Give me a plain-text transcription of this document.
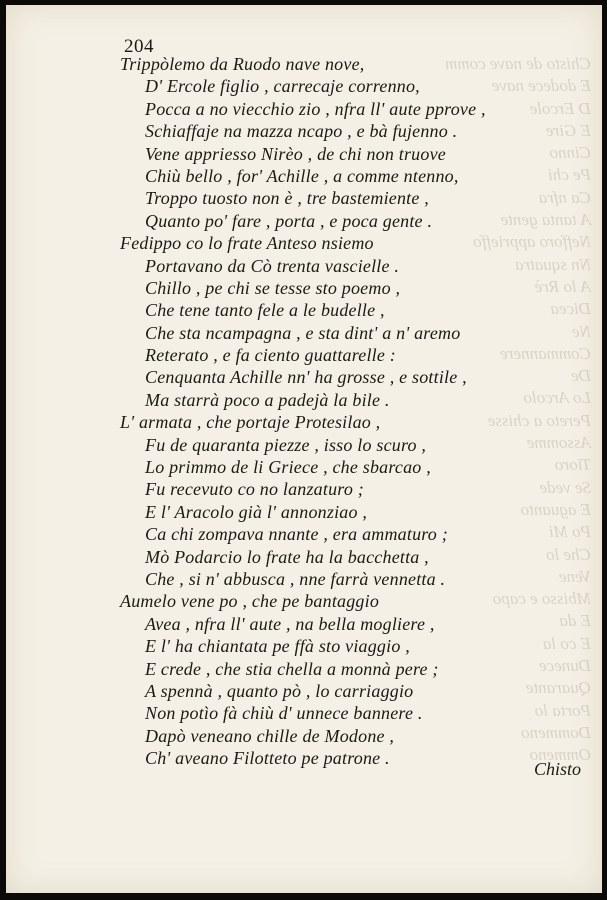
Chisto de nave comm
E dodece nave
D Ercole
E Gire
Cinno
Pe chi
Ca nfra
A tanta gente
Nefforo apprieffo
Nn squatra
A lo Rrè
Dicea
Ne
Commannere
De
Lo Arcolo
Pereto a chisse
Assomme
Tioro
Se vede
E aguanto
Po Mi
Che lo
Vene
Mbisso e capo
E da
E co la
Dunece
Quarante
Porta lo
Dommeno
Ommeno
204
Trippòlemo da Ruodo nave nove,
D' Ercole figlio , carrecaje correnno,
Pocca a no viecchio zio , nfra ll' aute pprove ,
Schiaffaje na mazza ncapo , e bà fujenno .
Vene appriesso Nirèo , de chi non truove
Chiù bello , for' Achille , a comme ntenno,
Troppo tuosto non è , tre bastemiente ,
Quanto po' fare , porta , e poca gente .
Fedippo co lo frate Anteso nsiemo
Portavano da Cò trenta vascielle .
Chillo , pe chi se tesse sto poemo ,
Che tene tanto fele a le budelle ,
Che sta ncampagna , e sta dint' a n' aremo
Reterato , e fa ciento guattarelle :
Cenquanta Achille nn' ha grosse , e sottile ,
Ma starrà poco a padejà la bile .
L' armata , che portaje Protesilao ,
Fu de quaranta piezze , isso lo scuro ,
Lo primmo de li Griece , che sbarcao ,
Fu recevuto co no lanzaturo ;
E l' Aracolo già l' annonziao ,
Ca chi zompava nnante , era ammaturo ;
Mò Podarcio lo frate ha la bacchetta ,
Che , si n' abbusca , nne farrà vennetta .
Aumelo vene po , che pe bantaggio
Avea , nfra ll' aute , na bella mogliere ,
E l' ha chiantata pe ffà sto viaggio ,
E crede , che stia chella a monnà pere ;
A spennà , quanto pò , lo carriaggio
Non potìo fà chiù d' unnece bannere .
Dapò veneano chille de Modone ,
Ch' aveano Filotteto pe patrone .
Chisto
